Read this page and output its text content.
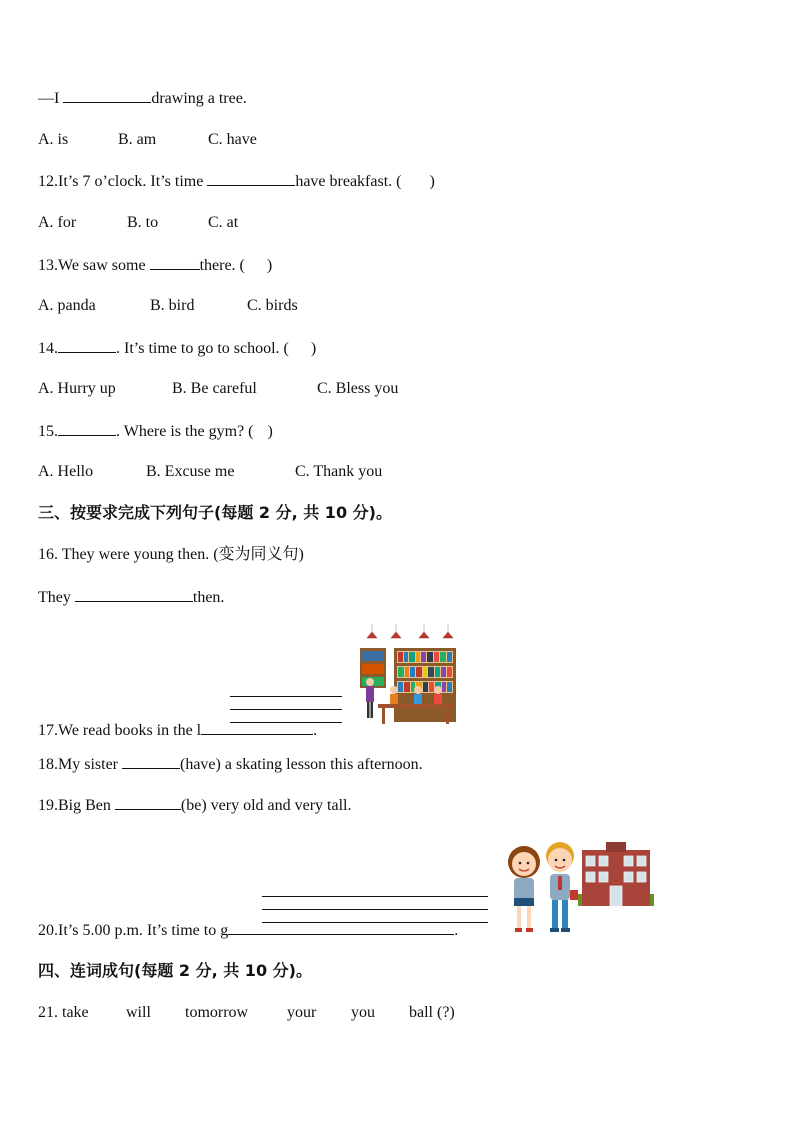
—I	drawing a tree.
A. is	B. am	C. have
12.It’s 7 o’clock. It’s time	have breakfast. ( )
A. for	B. to	C. at
13.We saw some	there. ( )
A. panda	B. bird	C. birds
14.	. It’s time to go to school. ( )
A. Hurry up	B. Be careful	C. Bless you
15.	. Where is the gym? ( )
A. Hello	B. Excuse me	C. Thank you
三、按要求完成下列句子(每题 2 分, 共 10 分)。
16. They were young then. (变为同义句)
They	then.
17.We read books in the l	.
18.My sister	(have) a skating lesson this afternoon.
19.Big Ben	(be) very old and very tall.
20.It’s 5.00 p.m. It’s time to g	.
四、连词成句(每题 2 分, 共 10 分)。
21. take will tomorrow your you ball (?)
